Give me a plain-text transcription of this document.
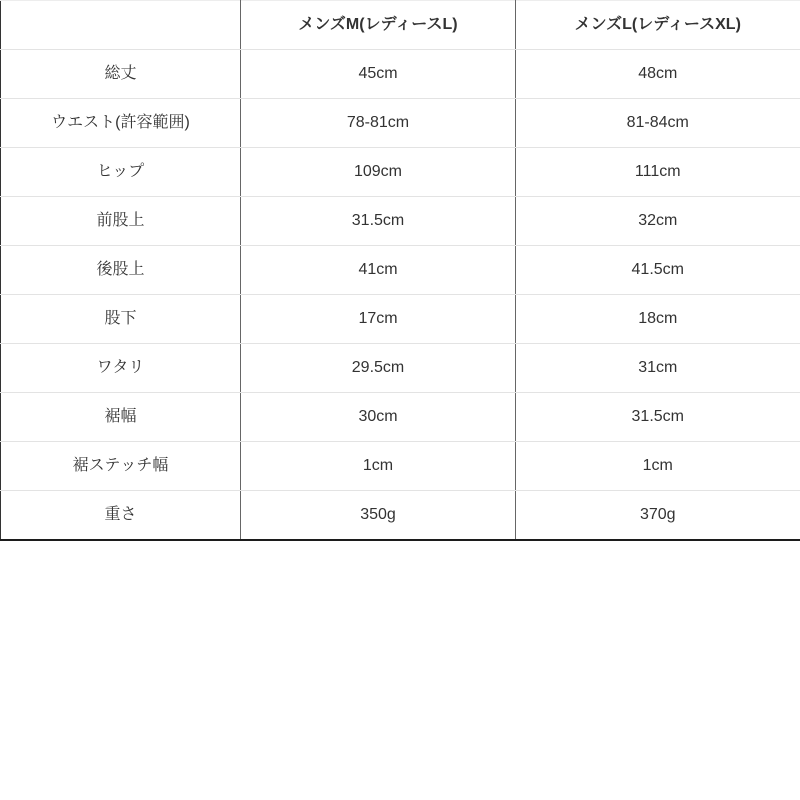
	メンズM(レディースL)	メンズL(レディースXL)
総丈	45cm	48cm
ウエスト(許容範囲)	78-81cm	81-84cm
ヒップ	109cm	111cm
前股上	31.5cm	32cm
後股上	41cm	41.5cm
股下	17cm	18cm
ワタリ	29.5cm	31cm
裾幅	30cm	31.5cm
裾ステッチ幅	1cm	1cm
重さ	350g	370g
